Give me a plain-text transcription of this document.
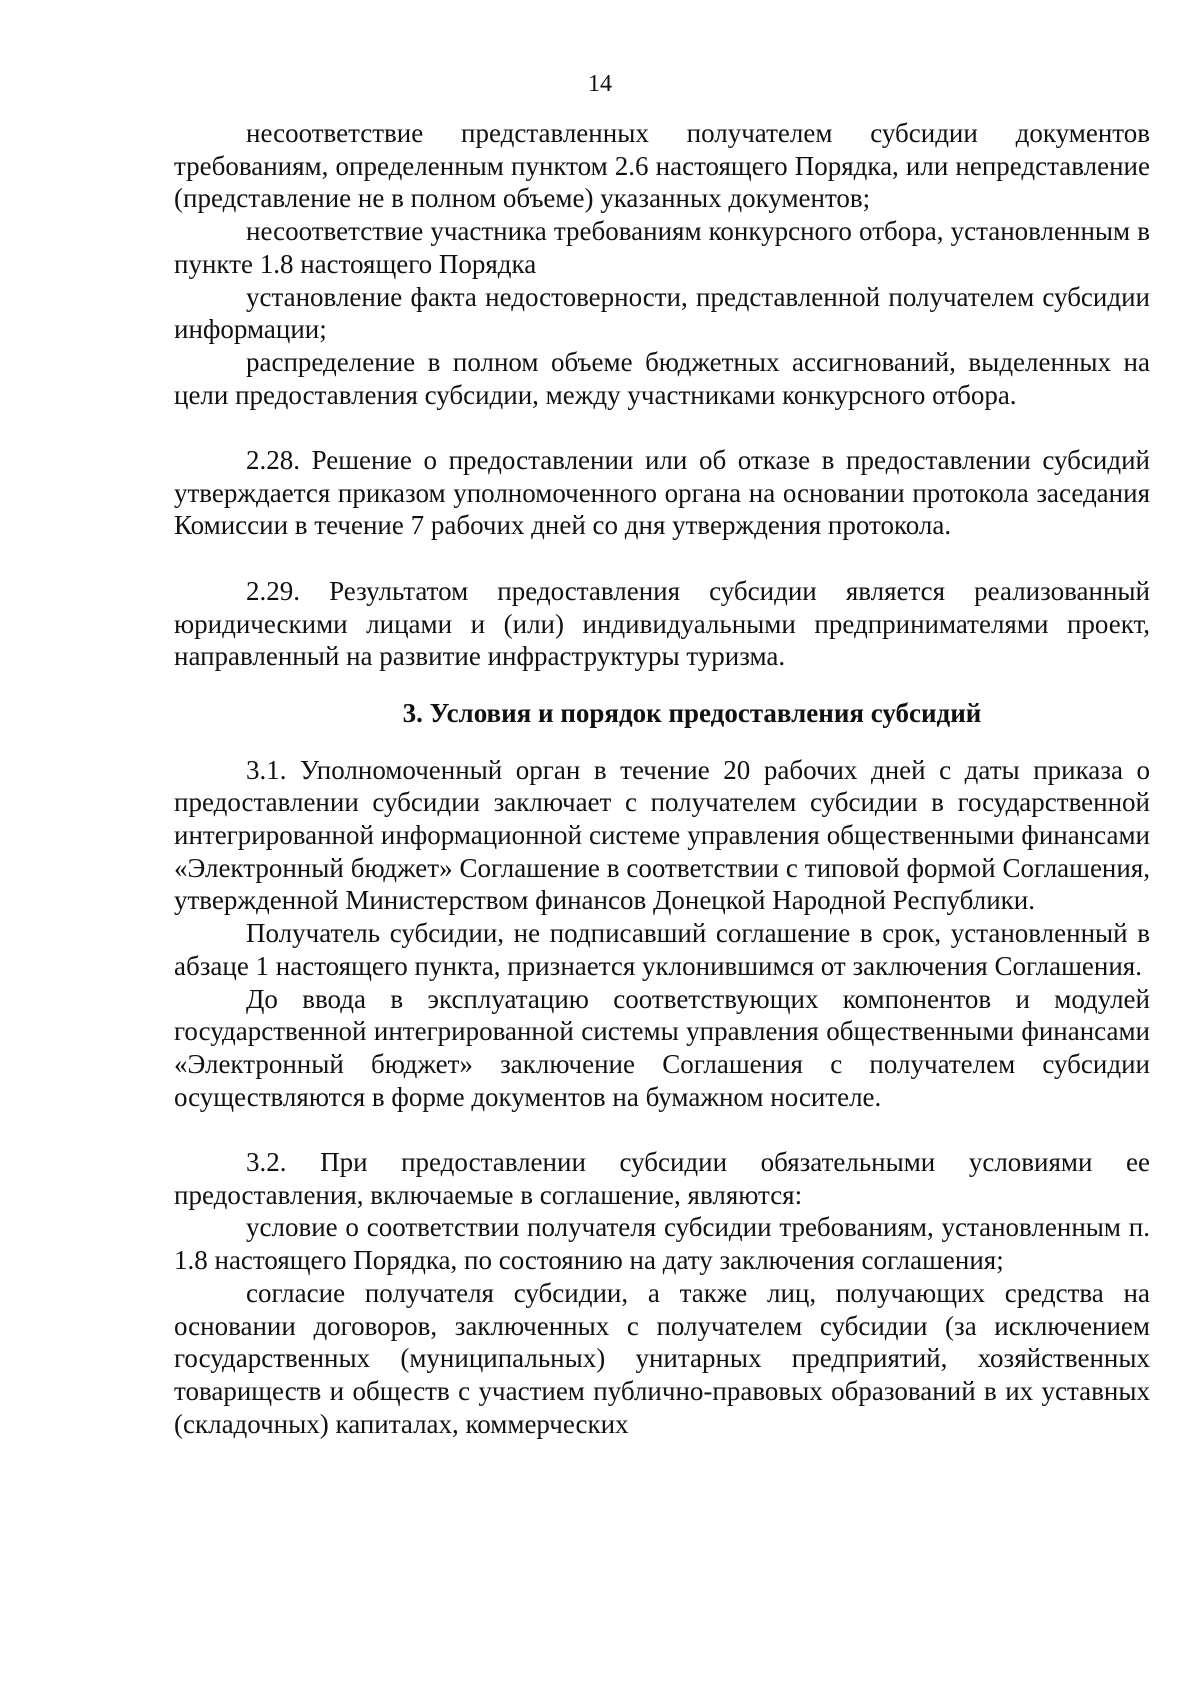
14

несоответствие представленных получателем субсидии документов требованиям, определенным пунктом 2.6 настоящего Порядка, или непредставление (представление не в полном объеме) указанных документов;

несоответствие участника требованиям конкурсного отбора, установленным в пункте 1.8 настоящего Порядка

установление факта недостоверности, представленной получателем субсидии информации;

распределение в полном объеме бюджетных ассигнований, выделенных на цели предоставления субсидии, между участниками конкурсного отбора.

2.28. Решение о предоставлении или об отказе в предоставлении субсидий утверждается приказом уполномоченного органа на основании протокола заседания Комиссии в течение 7 рабочих дней со дня утверждения протокола.

2.29. Результатом предоставления субсидии является реализованный юридическими лицами и (или) индивидуальными предпринимателями проект, направленный на развитие инфраструктуры туризма.

3. Условия и порядок предоставления субсидий

3.1. Уполномоченный орган в течение 20 рабочих дней с даты приказа о предоставлении субсидии заключает с получателем субсидии в государственной интегрированной информационной системе управления общественными финансами «Электронный бюджет» Соглашение в соответствии с типовой формой Соглашения, утвержденной Министерством финансов Донецкой Народной Республики.

Получатель субсидии, не подписавший соглашение в срок, установленный в абзаце 1 настоящего пункта, признается уклонившимся от заключения Соглашения.

До ввода в эксплуатацию соответствующих компонентов и модулей государственной интегрированной системы управления общественными финансами «Электронный бюджет» заключение Соглашения с получателем субсидии осуществляются в форме документов на бумажном носителе.

3.2. При предоставлении субсидии обязательными условиями ее предоставления, включаемые в соглашение, являются:

условие о соответствии получателя субсидии требованиям, установленным п. 1.8 настоящего Порядка, по состоянию на дату заключения соглашения;

согласие получателя субсидии, а также лиц, получающих средства на основании договоров, заключенных с получателем субсидии (за исключением государственных (муниципальных) унитарных предприятий, хозяйственных товариществ и обществ с участием публично-правовых образований в их уставных (складочных) капиталах, коммерческих
